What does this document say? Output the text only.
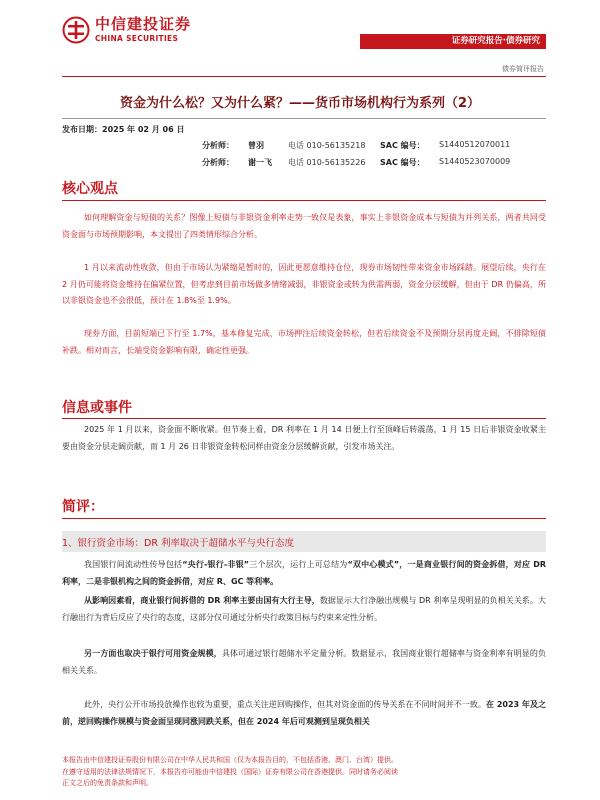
中信建投证券
CHINA SECURITIES	证券研究报告·债券研究
债券简评报告
资金为什么松？又为什么紧？——货币市场机构行为系列（2）
发布日期：2025 年 02 月 06 日
分析师：	曾羽	电话 010-56135218	SAC 编号：	S1440512070011
分析师：	谢一飞	电话 010-56135226	SAC 编号：	S1440523070009
核心观点
如何理解资金与短债的关系？图像上短债与非银资金利率走势一致仅是表象，事实上非银资金成本与短债为并列关系，两者共同受资金面与市场预期影响，本文提出了四类情形综合分析。
1 月以来流动性收敛，但由于市场认为紧缩是暂时的，因此更愿意维持仓位，现券市场韧性带来资金市场踩踏。展望后续，央行在 2 月仍可能将资金维持在偏紧位置，但考虑到目前市场做多情绪减弱，非银资金或转为供需两弱，资金分层缓解，但由于 DR 仍偏高，所以非银资金也不会很低，预计在 1.8%至 1.9%。
现券方面，目前短端已下行至 1.7%，基本修复完成，市场押注后续资金转松，但若后续资金不及预期分层再度走阔，不排除短债补跌。相对而言，长端受资金影响有限，确定性更强。
信息或事件
2025 年 1 月以来，资金面不断收紧。但节奏上看，DR 利率在 1 月 14 日便上行至顶峰后转震荡，1 月 15 日后非银资金收紧主要由资金分层走阔贡献，而 1 月 26 日非银资金转松同样由资金分层缓解贡献，引发市场关注。
简评：
1、银行资金市场：DR 利率取决于超储水平与央行态度
我国银行间流动性传导包括“央行-银行-非银”三个层次，运行上可总结为“双中心模式”，一是商业银行间的资金拆借，对应 DR 利率，二是非银机构之间的资金拆借，对应 R、GC 等利率。
从影响因素看，商业银行间拆借的 DR 利率主要由国有大行主导，数据显示大行净融出规模与 DR 利率呈现明显的负相关关系。大行融出行为背后反应了央行的态度，这部分仅可通过分析央行政策目标与约束来定性分析。
另一方面也取决于银行可用资金规模，具体可通过银行超储水平定量分析。数据显示，我国商业银行超储率与资金利率有明显的负相关关系。
此外，央行公开市场投放操作也较为重要，重点关注逆回购操作，但其对资金面的传导关系在不同时间并不一致。在 2023 年及之前，逆回购操作规模与资金面呈现同涨同跌关系，但在 2024 年后可观测到呈现负相关
本报告由中信建投证券股份有限公司在中华人民共和国（仅为本报告目的，不包括香港、澳门、台湾）提供。
在遵守适用的法律法规情况下，本报告亦可能由中信建投（国际）证券有限公司在香港提供。同时请务必阅读
正文之后的免责条款和声明。
